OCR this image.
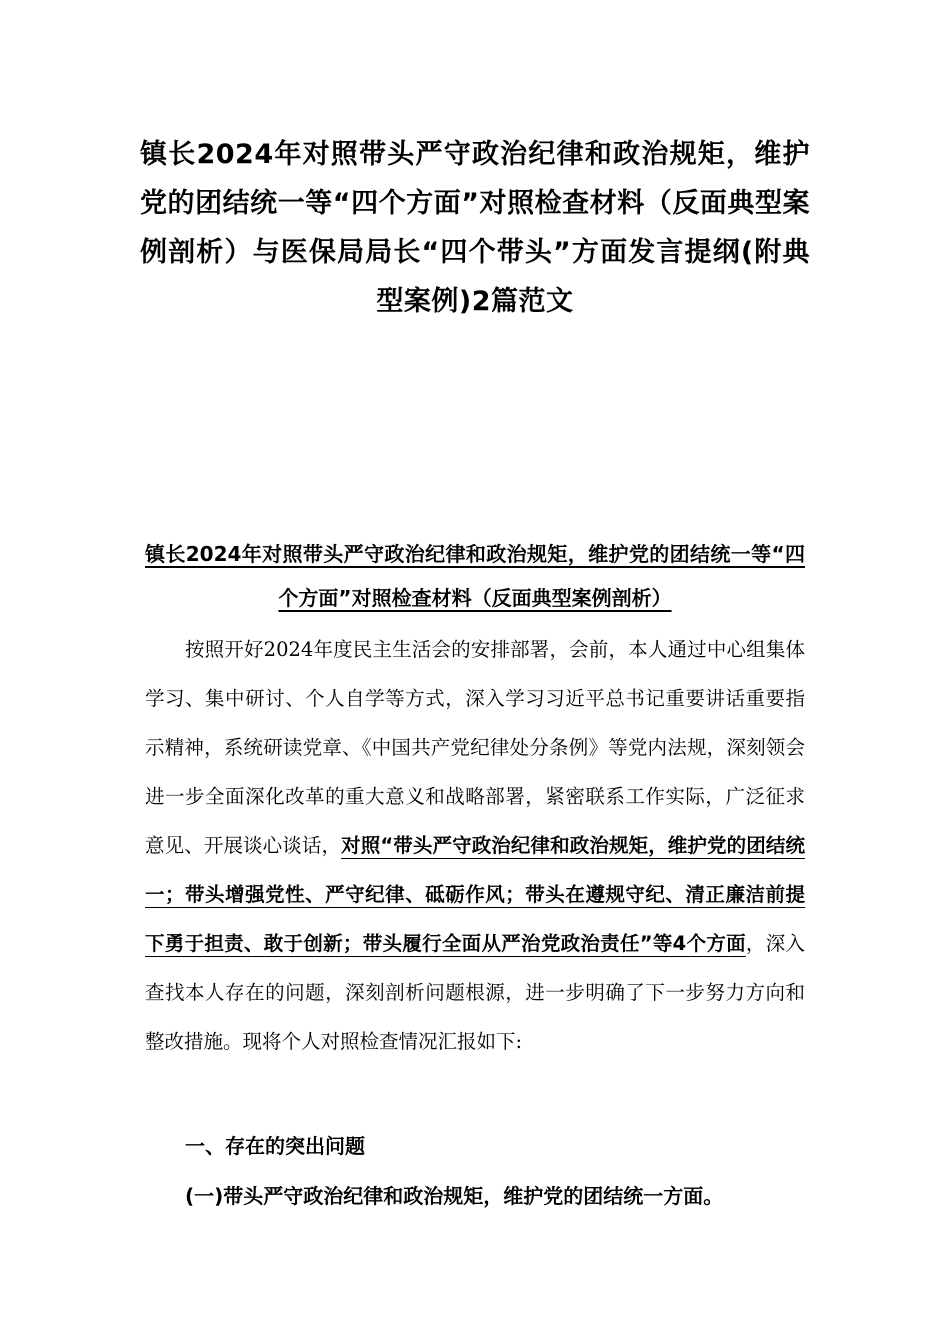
镇长2024年对照带头严守政治纪律和政治规矩，维护党的团结统一等“四个方面”对照检查材料（反面典型案例剖析）与医保局局长“四个带头”方面发言提纲(附典型案例)2篇范文
镇长2024年对照带头严守政治纪律和政治规矩，维护党的团结统一等“四个方面”对照检查材料（反面典型案例剖析）

按照开好2024年度民主生活会的安排部署，会前，本人通过中心组集体学习、集中研讨、个人自学等方式，深入学习习近平总书记重要讲话重要指示精神，系统研读党章、《中国共产党纪律处分条例》等党内法规，深刻领会进一步全面深化改革的重大意义和战略部署，紧密联系工作实际，广泛征求意见、开展谈心谈话，对照“带头严守政治纪律和政治规矩，维护党的团结统一；带头增强党性、严守纪律、砥砺作风；带头在遵规守纪、清正廉洁前提下勇于担责、敢于创新；带头履行全面从严治党政治责任”等4个方面，深入查找本人存在的问题，深刻剖析问题根源，进一步明确了下一步努力方向和整改措施。现将个人对照检查情况汇报如下:

一、存在的突出问题
(一)带头严守政治纪律和政治规矩，维护党的团结统一方面。
